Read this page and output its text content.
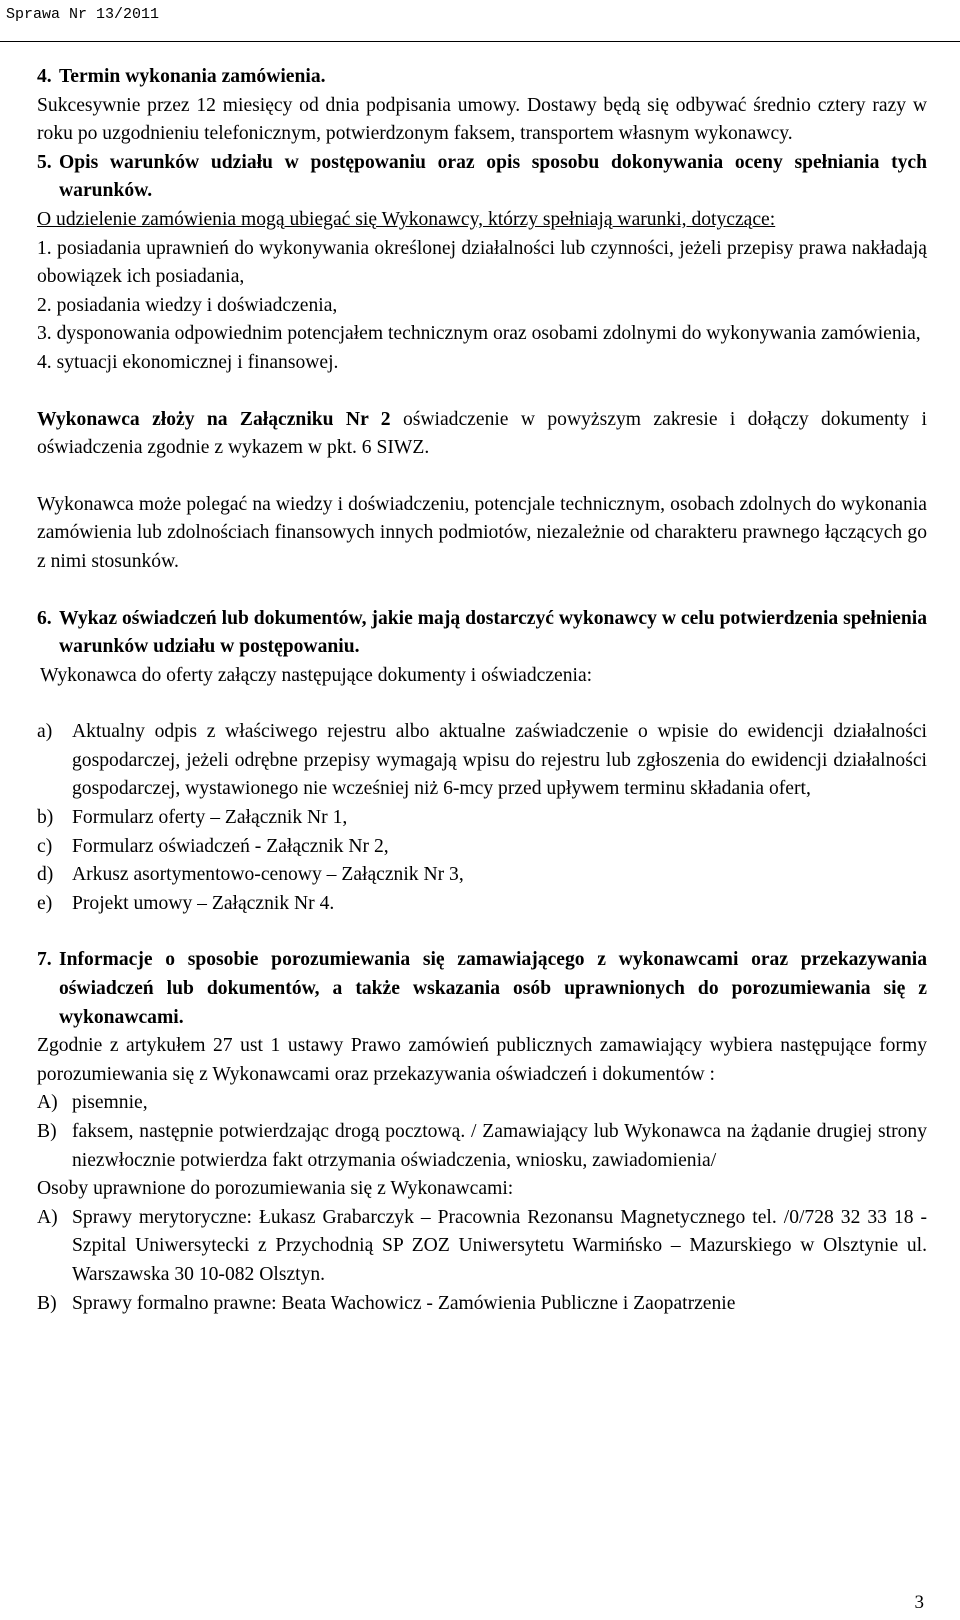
Sprawa Nr 13/2011
4. Termin wykonania zamówienia.

Sukcesywnie przez 12 miesięcy od dnia podpisania umowy. Dostawy będą się odbywać średnio cztery razy w roku po uzgodnieniu telefonicznym, potwierdzonym faksem, transportem własnym wykonawcy.

5. Opis warunków udziału w postępowaniu oraz opis sposobu dokonywania oceny spełniania tych warunków.

O udzielenie zamówienia mogą ubiegać się Wykonawcy, którzy spełniają warunki, dotyczące:

1. posiadania uprawnień do wykonywania określonej działalności lub czynności, jeżeli przepisy prawa nakładają obowiązek ich posiadania,

2. posiadania wiedzy i doświadczenia,

3. dysponowania odpowiednim potencjałem technicznym oraz osobami zdolnymi do wykonywania zamówienia,

4. sytuacji ekonomicznej i finansowej.

Wykonawca złoży na Załączniku Nr 2 oświadczenie w powyższym zakresie i dołączy dokumenty i oświadczenia zgodnie z wykazem w pkt. 6 SIWZ.

Wykonawca może polegać na wiedzy i doświadczeniu, potencjale technicznym, osobach zdolnych do wykonania zamówienia lub zdolnościach finansowych innych podmiotów, niezależnie od charakteru prawnego łączących go z nimi stosunków.

6. Wykaz oświadczeń lub dokumentów, jakie mają dostarczyć wykonawcy w celu potwierdzenia spełnienia warunków udziału w postępowaniu.

Wykonawca do oferty załączy następujące dokumenty i oświadczenia:

a)	Aktualny odpis z właściwego rejestru albo aktualne zaświadczenie o wpisie do ewidencji działalności gospodarczej, jeżeli odrębne przepisy wymagają wpisu do rejestru lub zgłoszenia do ewidencji działalności gospodarczej, wystawionego nie wcześniej niż 6-mcy przed upływem terminu składania ofert,
b) Formularz oferty – Załącznik Nr 1,
c)	Formularz oświadczeń - Załącznik Nr 2,
d) Arkusz asortymentowo-cenowy – Załącznik Nr 3,
e)	Projekt umowy – Załącznik Nr 4.
7. Informacje o sposobie porozumiewania się zamawiającego z wykonawcami oraz przekazywania oświadczeń lub dokumentów, a także wskazania osób uprawnionych do porozumiewania się z wykonawcami.

Zgodnie z artykułem 27 ust 1 ustawy Prawo zamówień publicznych zamawiający wybiera następujące formy porozumiewania się z Wykonawcami oraz przekazywania oświadczeń i dokumentów :

A) pisemnie,
B) faksem, następnie potwierdzając drogą pocztową. / Zamawiający lub Wykonawca na żądanie drugiej strony niezwłocznie potwierdza fakt otrzymania oświadczenia, wniosku, zawiadomienia/

Osoby uprawnione do porozumiewania się z Wykonawcami:

A) Sprawy merytoryczne: Łukasz Grabarczyk – Pracownia Rezonansu Magnetycznego tel. /0/728 32 33 18 - Szpital Uniwersytecki z Przychodnią SP ZOZ Uniwersytetu Warmińsko – Mazurskiego w Olsztynie ul. Warszawska 30 10-082 Olsztyn.
B) Sprawy formalno prawne: Beata Wachowicz - Zamówienia Publiczne i Zaopatrzenie
3
